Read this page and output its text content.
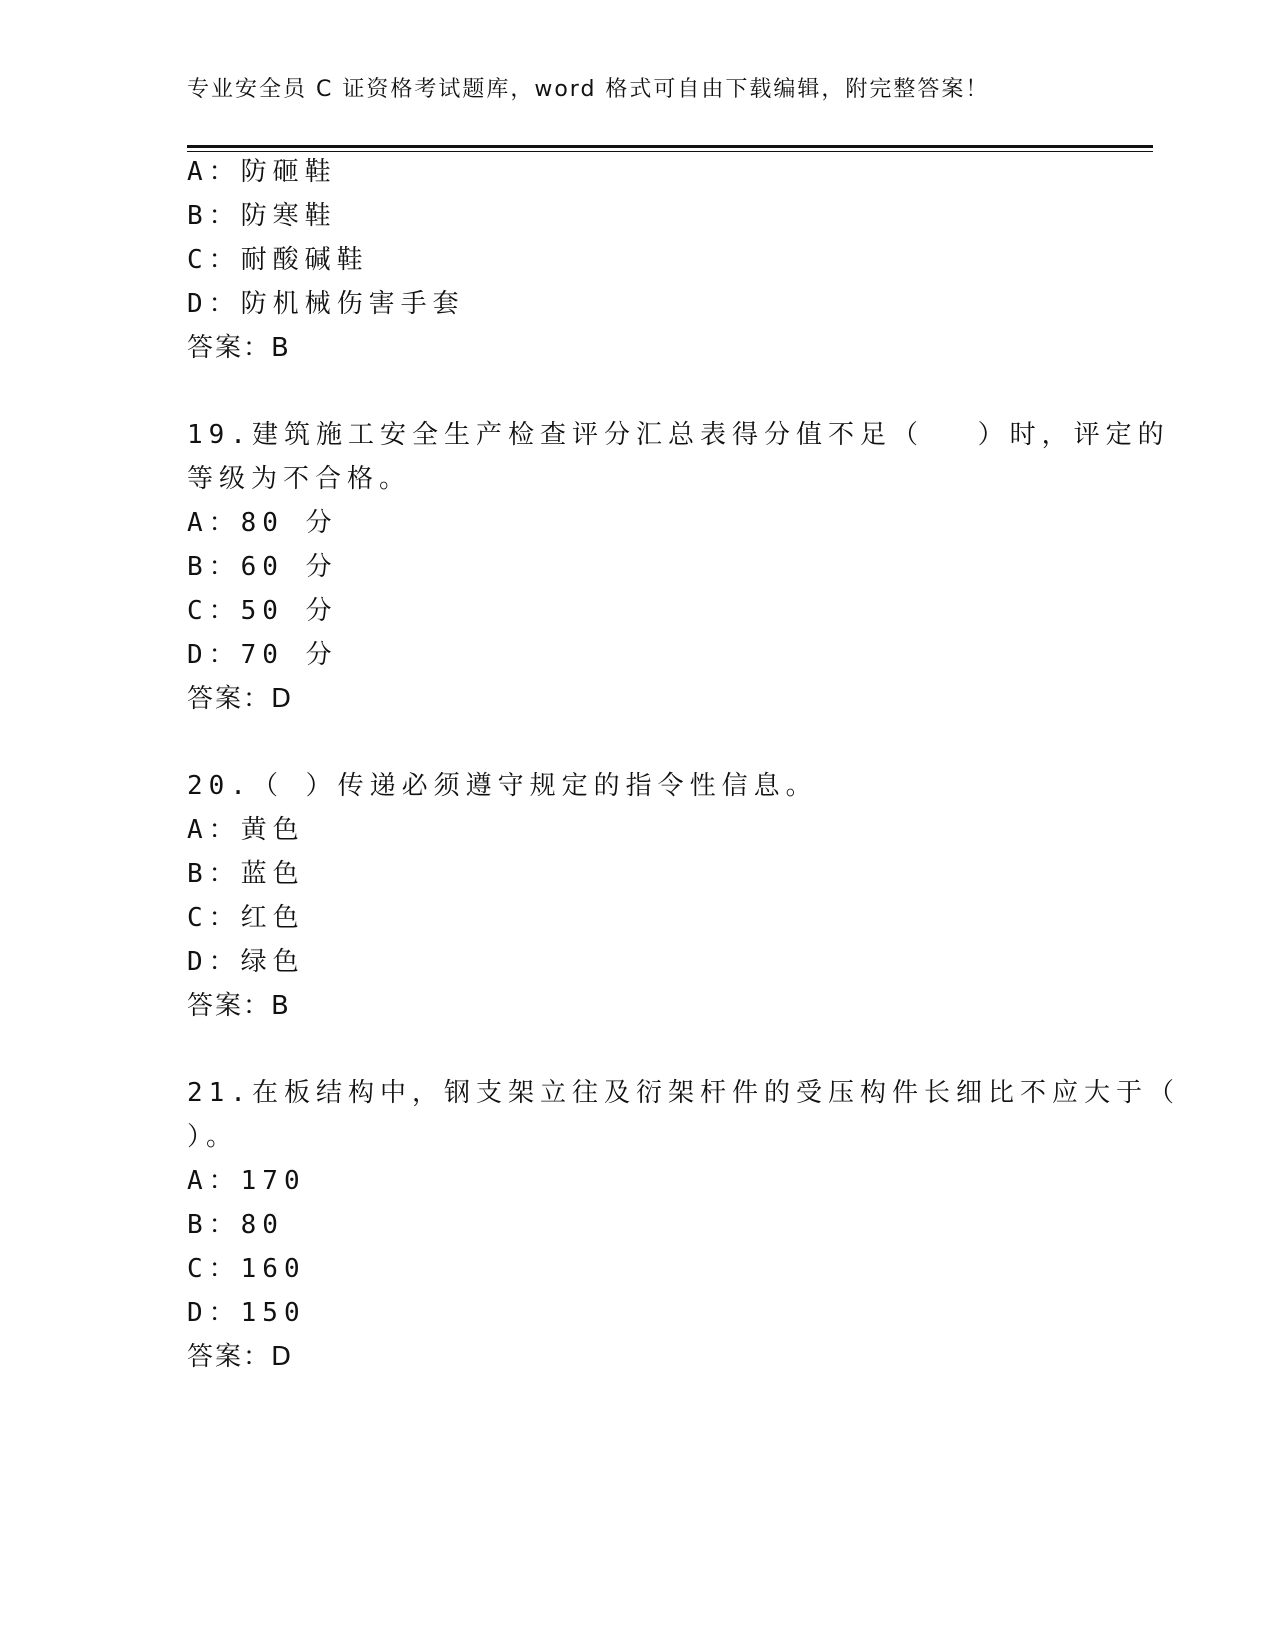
专业安全员 C 证资格考试题库，word 格式可自由下载编辑，附完整答案！
A：防砸鞋
B：防寒鞋
C：耐酸碱鞋
D：防机械伤害手套
答案：B
19.建筑施工安全生产检查评分汇总表得分值不足（　 ）时，评定的
等级为不合格。
A：80 分
B：60 分
C：50 分
D：70 分
答案：D
20.（ ）传递必须遵守规定的指令性信息。
A：黄色
B：蓝色
C：红色
D：绿色
答案：B
21.在板结构中，钢支架立往及衍架杆件的受压构件长细比不应大于（
）。
A：170
B：80
C：160
D：150
答案：D
